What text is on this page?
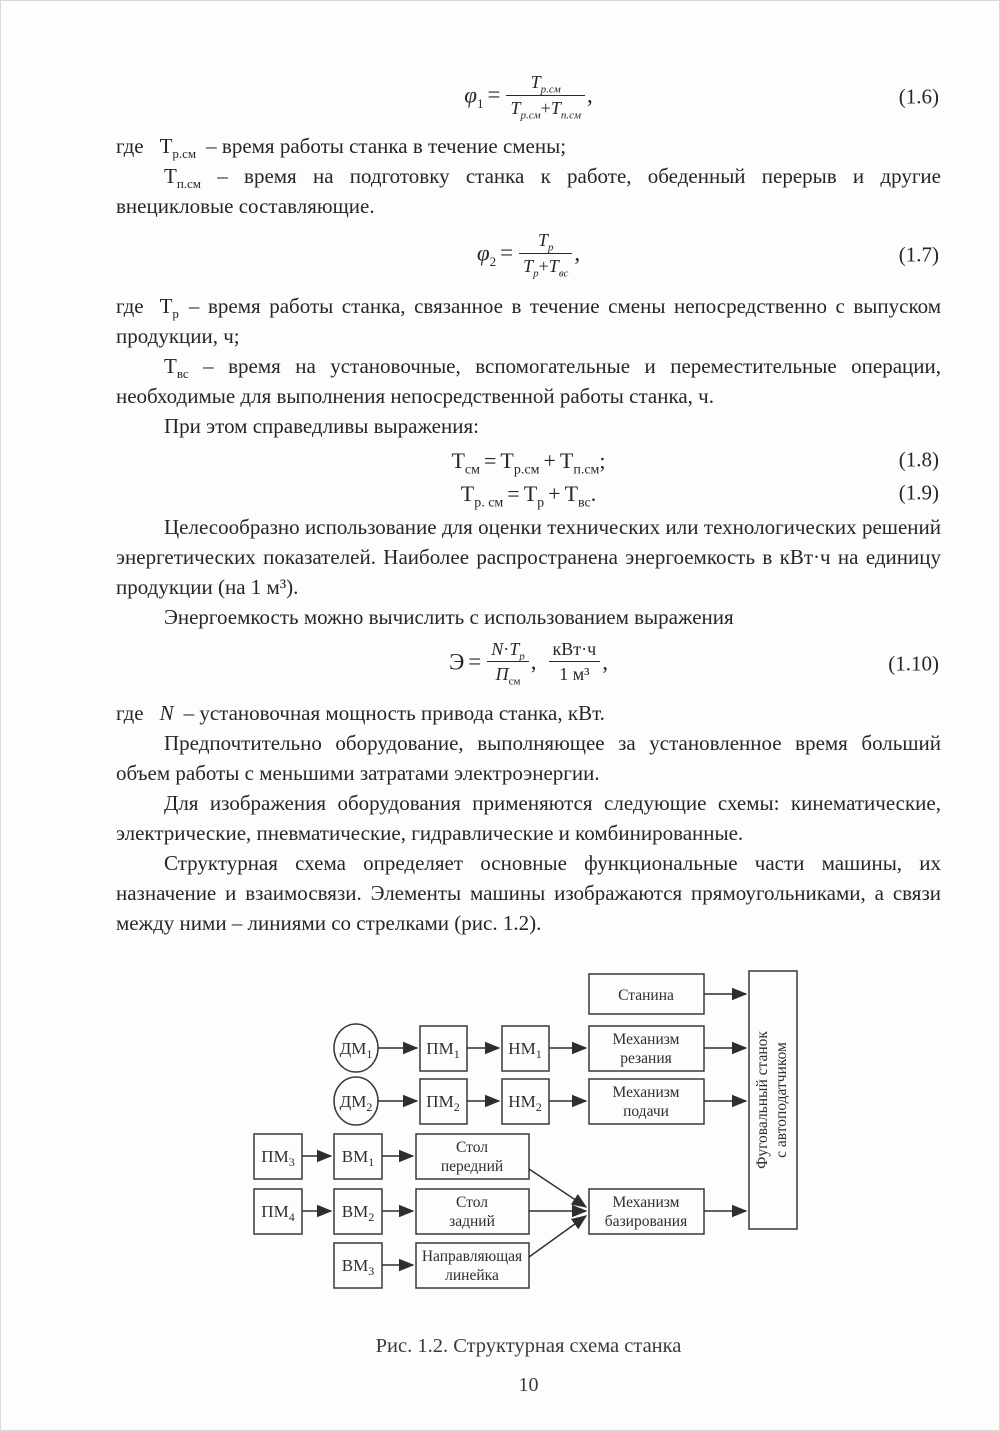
$\varphi_1 = \frac{T_{р.см}}{T_{р.см}+T_{п.см}}$ ,	(1.6)

где $Т_{р.см}$ – время работы станка в течение смены;

$Т_{п.см}$ – время на подготовку станка к работе, обеденный перерыв и другие внецикловые составляющие.

$\varphi_2 = \frac{T_р}{T_р+T_{вс}}$ ,	(1.7)

где $Т_р$ – время работы станка, связанное в течение смены непосредственно с выпуском продукции, ч;

$Т_{вс}$ – время на установочные, вспомогательные и переместительные операции, необходимые для выполнения непосредственной работы станка, ч.

При этом справедливы выражения:

$Т_{см} = Т_{р.см} + Т_{п.см}$;	(1.8)
$Т_{р. см} = Т_р + Т_{вс}$.	(1.9)

Целесообразно использование для оценки технических или технологических решений энергетических показателей. Наиболее распространена энергоемкость в кВт·ч на единицу продукции (на 1 м³).

Энергоемкость можно вычислить с использованием выражения

$Э = \frac{N\cdot T_р}{П_{см}}$ , $\frac{\text{кВт·ч}}{\text{1 м³}}$ ,	(1.10)

где N – установочная мощность привода станка, кВт.

Предпочтительно оборудование, выполняющее за установленное время больший объем работы с меньшими затратами электроэнергии.

Для изображения оборудования применяются следующие схемы: кинематические, электрические, пневматические, гидравлические и комбинированные.

Структурная схема определяет основные функциональные части машины, их назначение и взаимосвязи. Элементы машины изображаются прямоугольниками, а связи между ними – линиями со стрелками (рис. 1.2).

Станина
$ДМ_1$
$ДМ_2$
$ПМ_1$	$НМ_1$
$ПМ_2$	$НМ_2$
$ПМ_3$	$ВМ_1$
$ПМ_4$	$ВМ_2$
$ВМ_3$
Механизм
резания
Механизм
подачи
Стол
передний
Стол
задний
Направляющая
линейка
Механизм
базирования
Фуговальный станок с автоподатчиком
Рис. 1.2. Структурная схема станка
10
